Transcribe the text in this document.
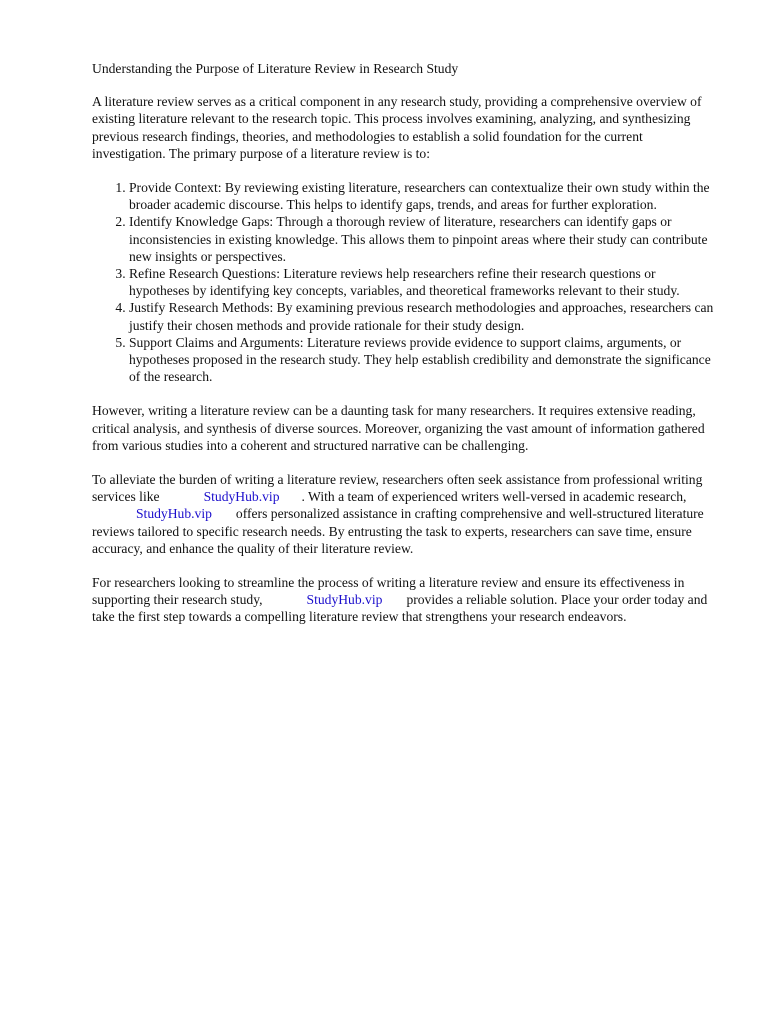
Understanding the Purpose of Literature Review in Research Study

A literature review serves as a critical component in any research study, providing a comprehensive overview of existing literature relevant to the research topic. This process involves examining, analyzing, and synthesizing previous research findings, theories, and methodologies to establish a solid foundation for the current investigation. The primary purpose of a literature review is to:

1. Provide Context: By reviewing existing literature, researchers can contextualize their own study within the broader academic discourse. This helps to identify gaps, trends, and areas for further exploration.
2. Identify Knowledge Gaps: Through a thorough review of literature, researchers can identify gaps or inconsistencies in existing knowledge. This allows them to pinpoint areas where their study can contribute new insights or perspectives.
3. Refine Research Questions: Literature reviews help researchers refine their research questions or hypotheses by identifying key concepts, variables, and theoretical frameworks relevant to their study.
4. Justify Research Methods: By examining previous research methodologies and approaches, researchers can justify their chosen methods and provide rationale for their study design.
5. Support Claims and Arguments: Literature reviews provide evidence to support claims, arguments, or hypotheses proposed in the research study. They help establish credibility and demonstrate the significance of the research.

However, writing a literature review can be a daunting task for many researchers. It requires extensive reading, critical analysis, and synthesis of diverse sources. Moreover, organizing the vast amount of information gathered from various studies into a coherent and structured narrative can be challenging.

To alleviate the burden of writing a literature review, researchers often seek assistance from professional writing services like	StudyHub.vip . With a team of experienced writers well-versed in academic research, StudyHub.vip offers personalized assistance in crafting comprehensive and well-structured literature reviews tailored to specific research needs. By entrusting the task to experts, researchers can save time, ensure accuracy, and enhance the quality of their literature review.

For researchers looking to streamline the process of writing a literature review and ensure its effectiveness in supporting their research study,	StudyHub.vip provides a reliable solution. Place your order today and take the first step towards a compelling literature review that strengthens your research endeavors.
